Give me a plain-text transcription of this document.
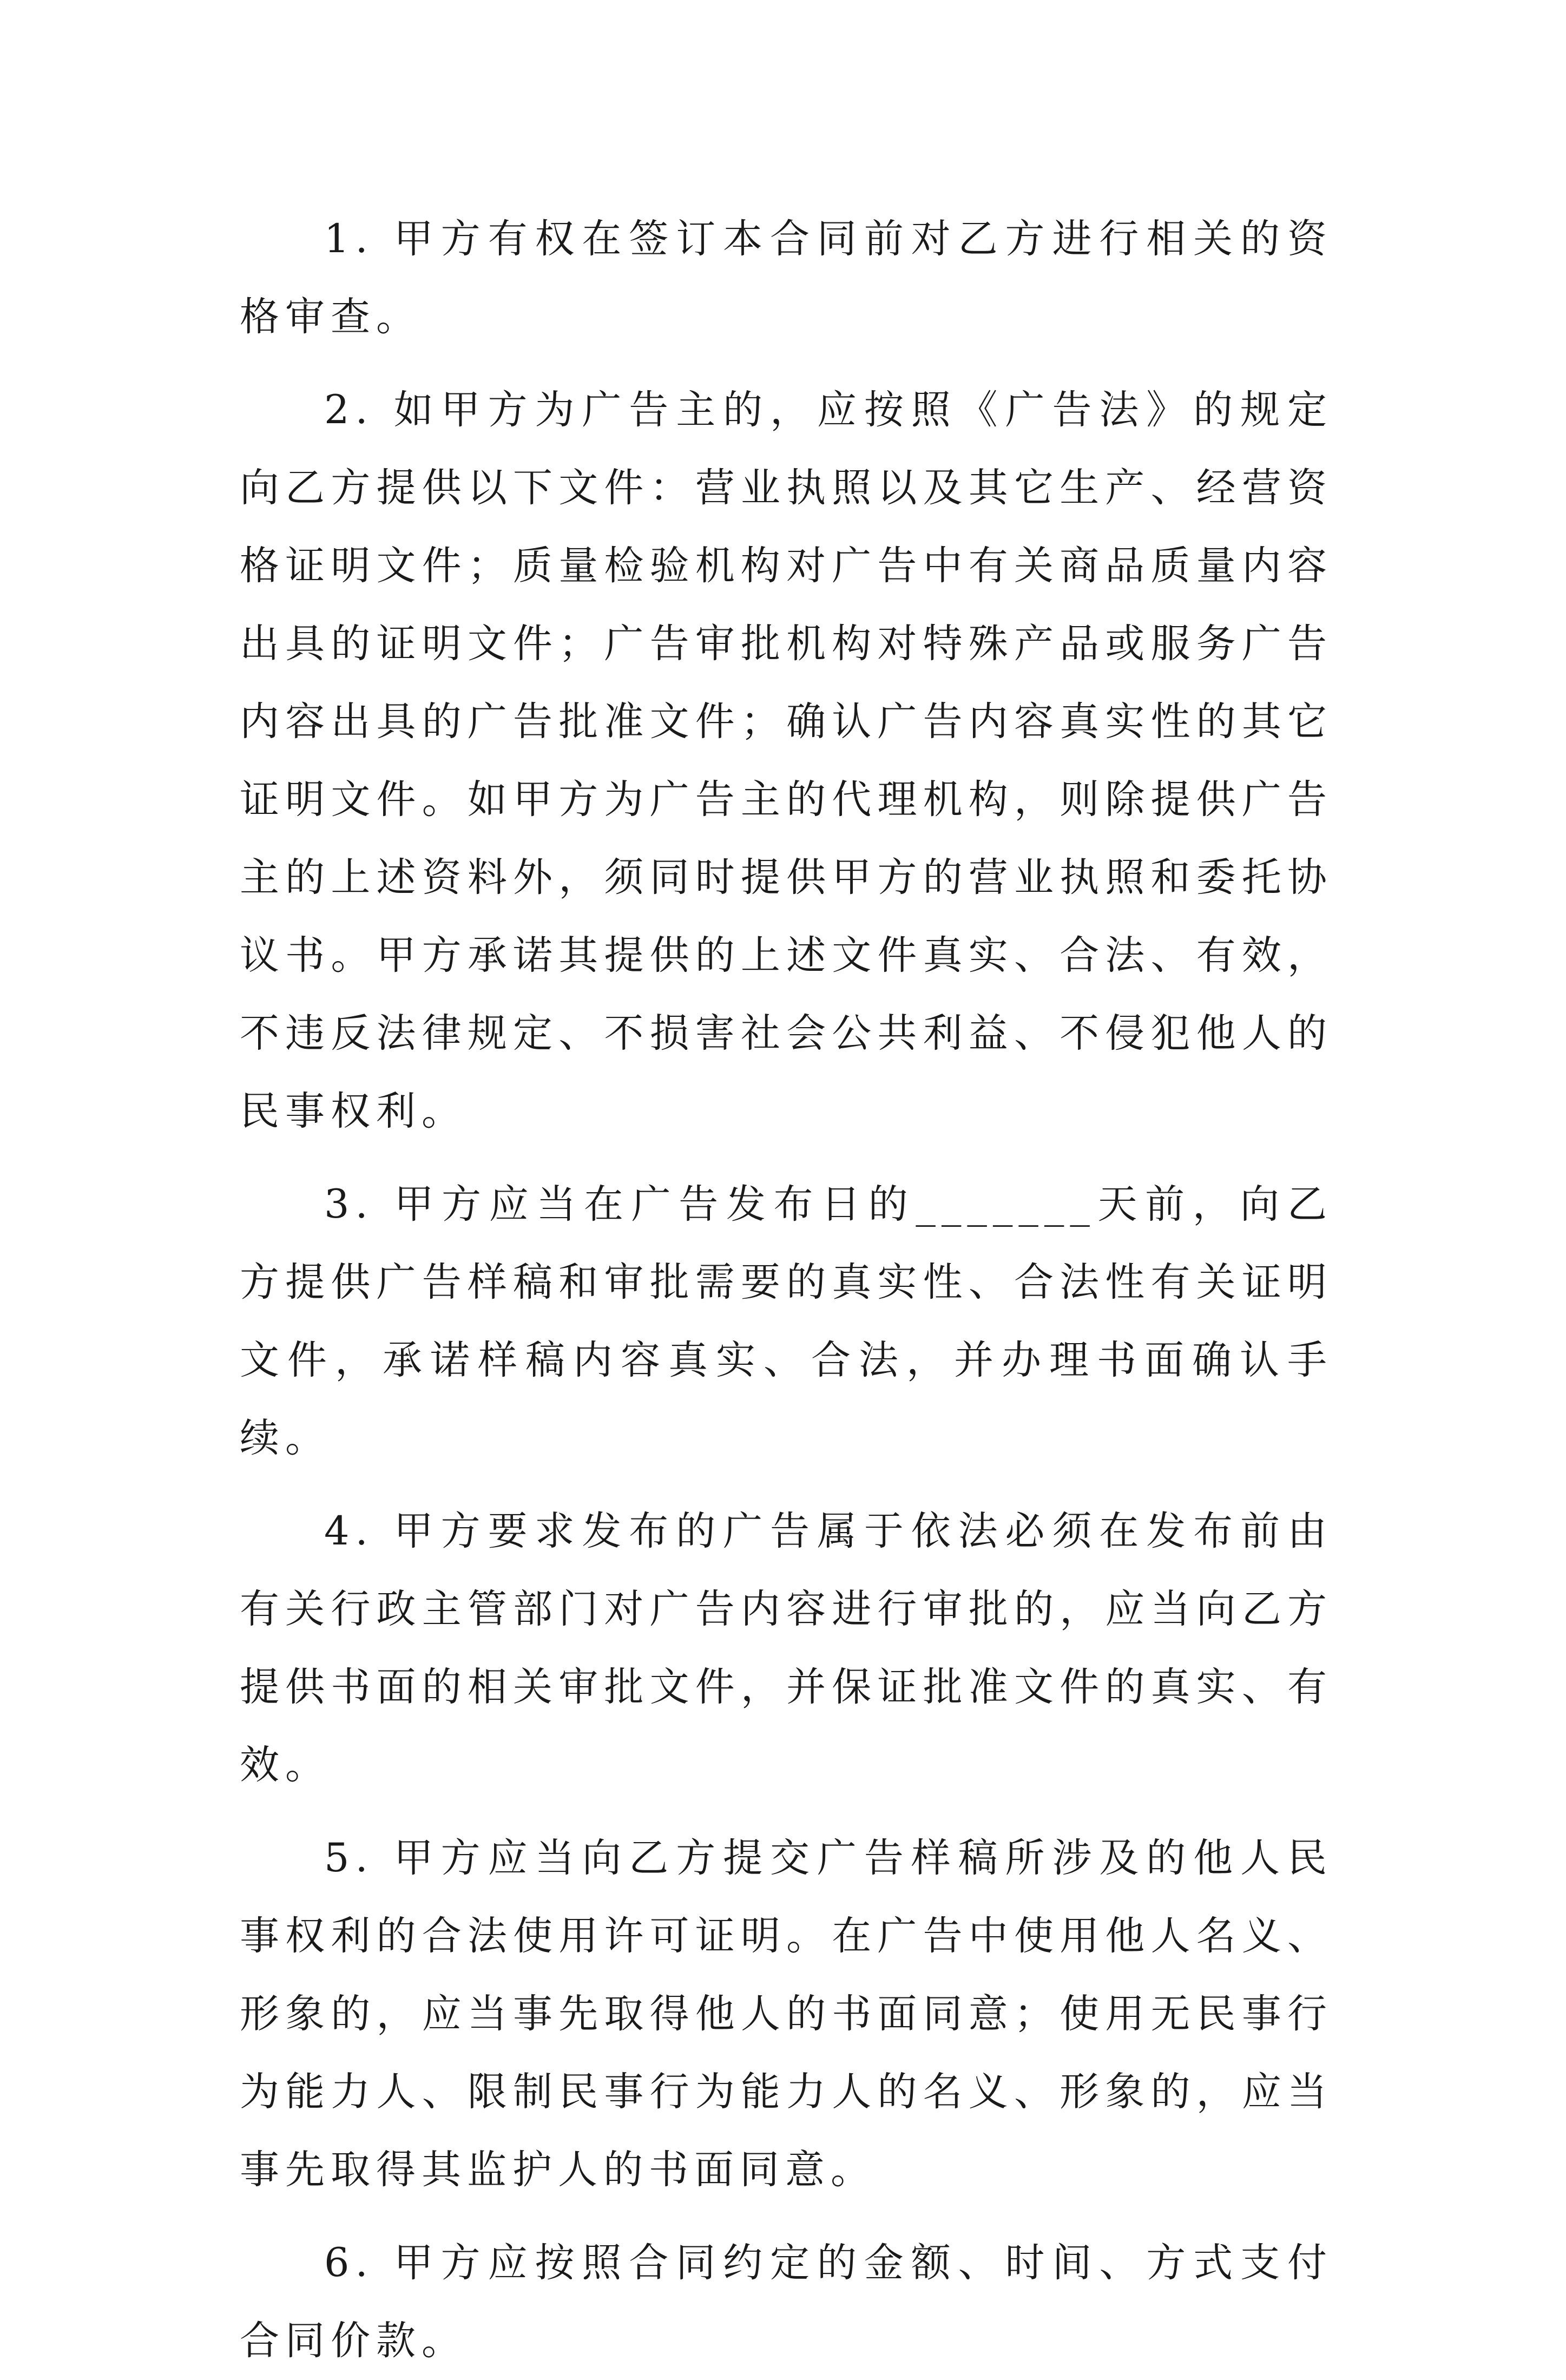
1. 甲方有权在签订本合同前对乙方进行相关的资格审查。

2. 如甲方为广告主的，应按照《广告法》的规定向乙方提供以下文件：营业执照以及其它生产、经营资格证明文件；质量检验机构对广告中有关商品质量内容出具的证明文件；广告审批机构对特殊产品或服务广告内容出具的广告批准文件；确认广告内容真实性的其它证明文件。如甲方为广告主的代理机构，则除提供广告主的上述资料外，须同时提供甲方的营业执照和委托协议书。甲方承诺其提供的上述文件真实、合法、有效，不违反法律规定、不损害社会公共利益、不侵犯他人的民事权利。

3. 甲方应当在广告发布日的_______天前，向乙方提供广告样稿和审批需要的真实性、合法性有关证明文件，承诺样稿内容真实、合法，并办理书面确认手续。

4. 甲方要求发布的广告属于依法必须在发布前由有关行政主管部门对广告内容进行审批的，应当向乙方提供书面的相关审批文件，并保证批准文件的真实、有效。

5. 甲方应当向乙方提交广告样稿所涉及的他人民事权利的合法使用许可证明。在广告中使用他人名义、形象的，应当事先取得他人的书面同意；使用无民事行为能力人、限制民事行为能力人的名义、形象的，应当事先取得其监护人的书面同意。

6. 甲方应按照合同约定的金额、时间、方式支付合同价款。
